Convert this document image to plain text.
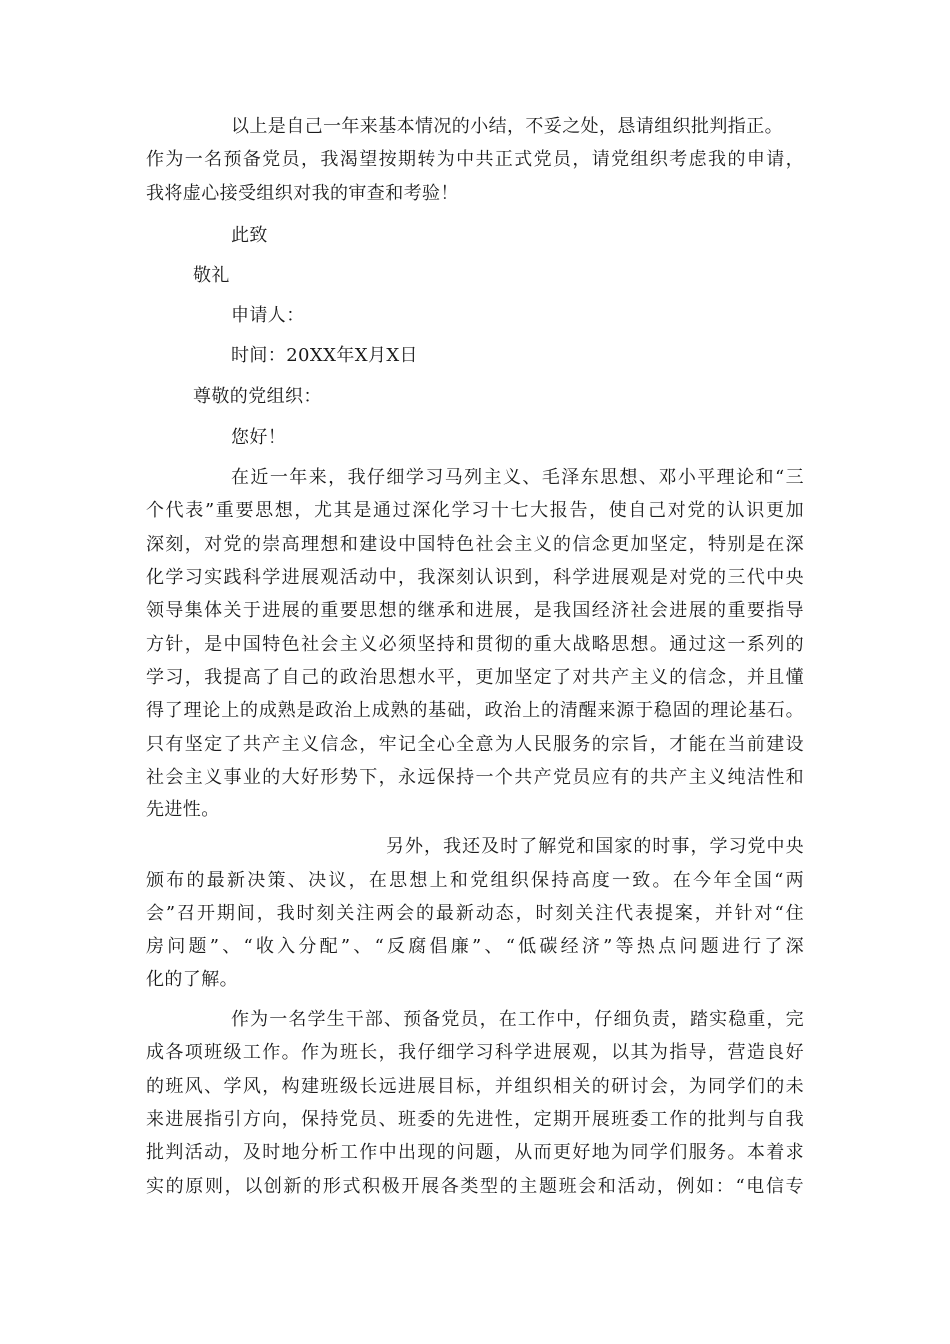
以上是自己一年来基本情况的小结，不妥之处，恳请组织批判指正。
作为一名预备党员，我渴望按期转为中共正式党员，请党组织考虑我的申请，
我将虚心接受组织对我的审查和考验！
此致
敬礼
申请人：
时间：20XX年X月X日
尊敬的党组织：
您好！
在近一年来，我仔细学习马列主义、毛泽东思想、邓小平理论和“三
个代表”重要思想，尤其是通过深化学习十七大报告，使自己对党的认识更加
深刻，对党的崇高理想和建设中国特色社会主义的信念更加坚定，特别是在深
化学习实践科学进展观活动中，我深刻认识到，科学进展观是对党的三代中央
领导集体关于进展的重要思想的继承和进展，是我国经济社会进展的重要指导
方针，是中国特色社会主义必须坚持和贯彻的重大战略思想。通过这一系列的
学习，我提高了自己的政治思想水平，更加坚定了对共产主义的信念，并且懂
得了理论上的成熟是政治上成熟的基础，政治上的清醒来源于稳固的理论基石。
只有坚定了共产主义信念，牢记全心全意为人民服务的宗旨，才能在当前建设
社会主义事业的大好形势下，永远保持一个共产党员应有的共产主义纯洁性和
先进性。
另外，我还及时了解党和国家的时事，学习党中央
颁布的最新决策、决议，在思想上和党组织保持高度一致。在今年全国“两
会”召开期间，我时刻关注两会的最新动态，时刻关注代表提案，并针对“住
房问题”、“收入分配”、“反腐倡廉”、“低碳经济”等热点问题进行了深
化的了解。
作为一名学生干部、预备党员，在工作中，仔细负责，踏实稳重，完
成各项班级工作。作为班长，我仔细学习科学进展观，以其为指导，营造良好
的班风、学风，构建班级长远进展目标，并组织相关的研讨会，为同学们的未
来进展指引方向，保持党员、班委的先进性，定期开展班委工作的批判与自我
批判活动，及时地分析工作中出现的问题，从而更好地为同学们服务。本着求
实的原则，以创新的形式积极开展各类型的主题班会和活动，例如：“电信专
